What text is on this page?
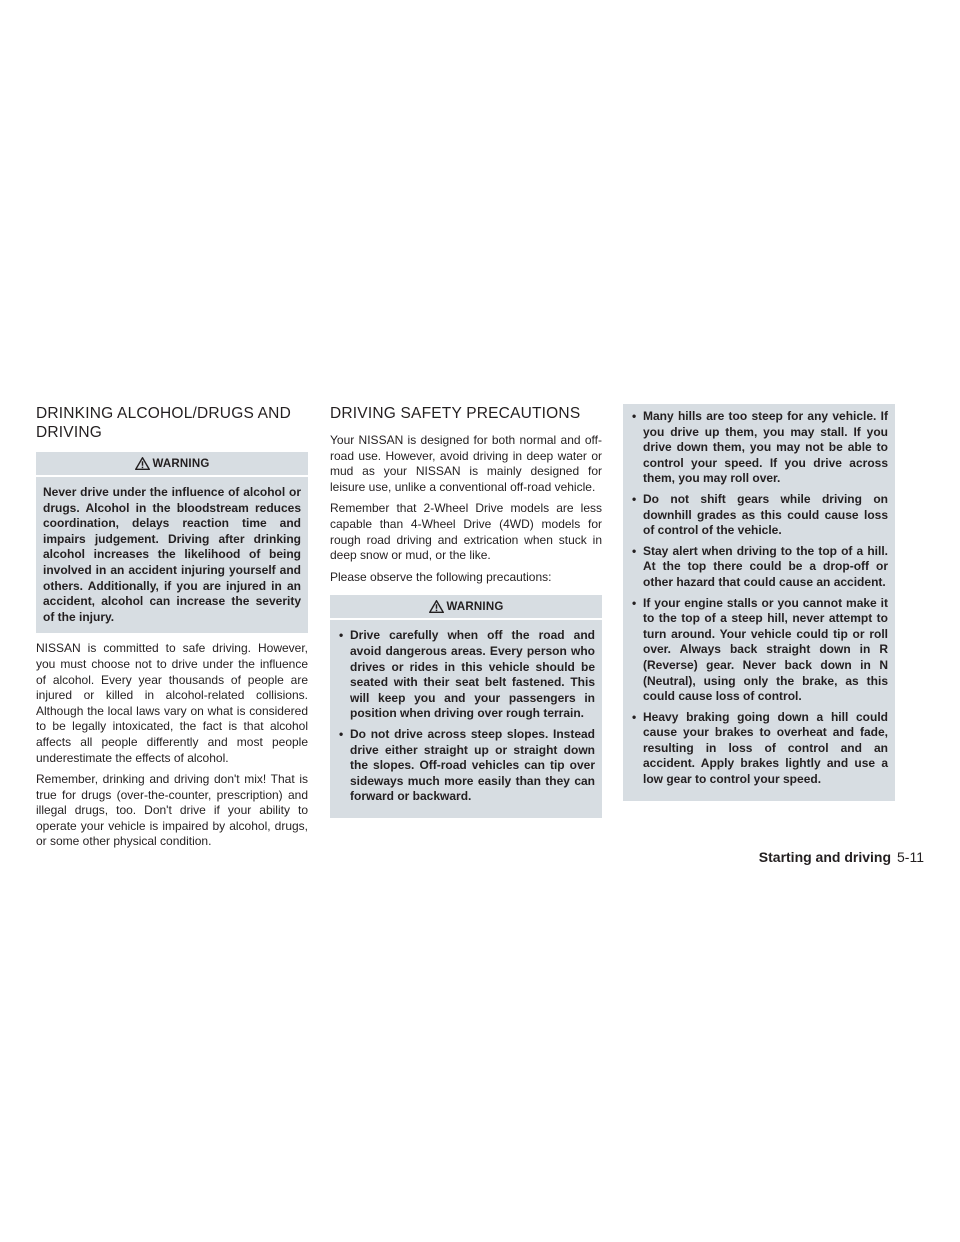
DRINKING ALCOHOL/DRUGS AND DRIVING
WARNING

Never drive under the influence of alcohol or drugs. Alcohol in the bloodstream reduces coordination, delays reaction time and impairs judgement. Driving after drinking alcohol increases the likelihood of being involved in an accident injuring yourself and others. Additionally, if you are injured in an accident, alcohol can increase the severity of the injury.

NISSAN is committed to safe driving. However, you must choose not to drive under the influence of alcohol. Every year thousands of people are injured or killed in alcohol-related collisions. Although the local laws vary on what is considered to be legally intoxicated, the fact is that alcohol affects all people differently and most people underestimate the effects of alcohol.

Remember, drinking and driving don't mix! That is true for drugs (over-the-counter, prescription) and illegal drugs, too. Don't drive if your ability to operate your vehicle is impaired by alcohol, drugs, or some other physical condition.

DRIVING SAFETY PRECAUTIONS

Your NISSAN is designed for both normal and off-road use. However, avoid driving in deep water or mud as your NISSAN is mainly designed for leisure use, unlike a conventional off-road vehicle.

Remember that 2-Wheel Drive models are less capable than 4-Wheel Drive (4WD) models for rough road driving and extrication when stuck in deep snow or mud, or the like.

Please observe the following precautions:

WARNING
• Drive carefully when off the road and avoid dangerous areas. Every person who drives or rides in this vehicle should be seated with their seat belt fastened. This will keep you and your passengers in position when driving over rough terrain.
• Do not drive across steep slopes. Instead drive either straight up or straight down the slopes. Off-road vehicles can tip over sideways much more easily than they can forward or backward.
• Many hills are too steep for any vehicle. If you drive up them, you may stall. If you drive down them, you may not be able to control your speed. If you drive across them, you may roll over.
• Do not shift gears while driving on downhill grades as this could cause loss of control of the vehicle.
• Stay alert when driving to the top of a hill. At the top there could be a drop-off or other hazard that could cause an accident.
• If your engine stalls or you cannot make it to the top of a steep hill, never attempt to turn around. Your vehicle could tip or roll over. Always back straight down in R (Reverse) gear. Never back down in N (Neutral), using only the brake, as this could cause loss of control.
• Heavy braking going down a hill could cause your brakes to overheat and fade, resulting in loss of control and an accident. Apply brakes lightly and use a low gear to control your speed.
Starting and driving 5-11
